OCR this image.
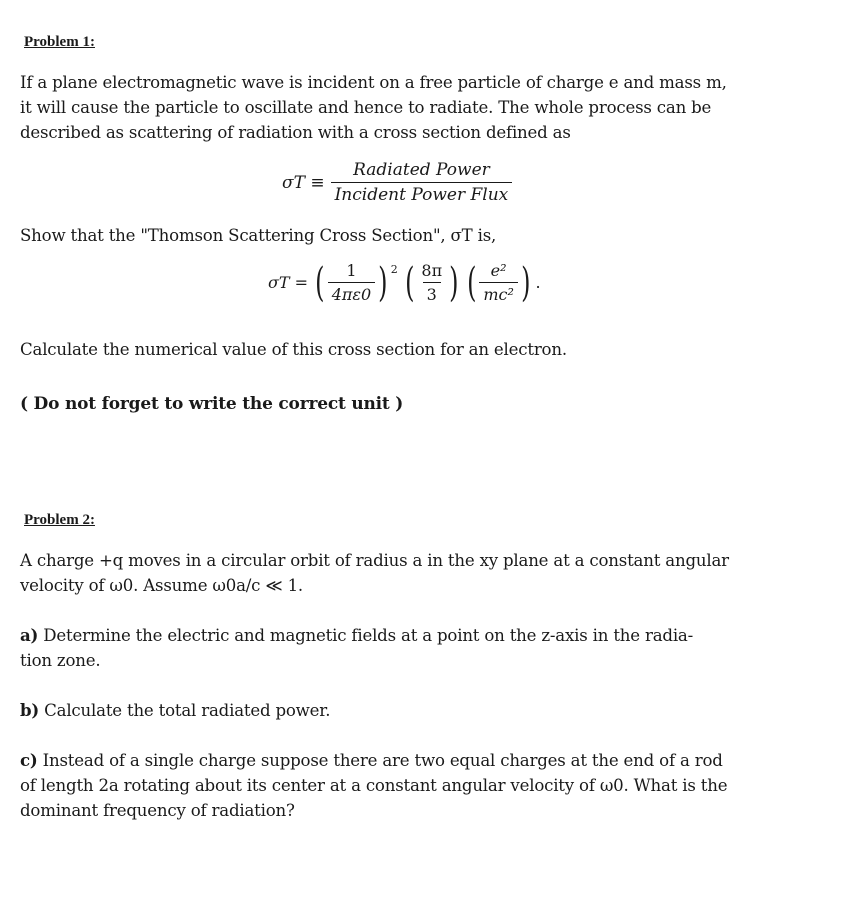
Problem 1:
If a plane electromagnetic wave is incident on a free particle of charge e and mass m,
it will cause the particle to oscillate and hence to radiate. The whole process can be
described as scattering of radiation with a cross section defined as
$\sigma T \equiv \frac{\text{Radiated Power}}{\text{Incident Power Flux}}$
Show that the "Thomson Scattering Cross Section", σT is,
σT = ( $\frac{1}{4\pi\varepsilon 0}$ ) $^2$ ( $\frac{8\pi}{3}$ ) ( $\frac{\text{e²}}{\text{mc²}}$ ) .
Calculate the numerical value of this cross section for an electron.
( Do not forget to write the correct unit )
Problem 2:
A charge +q moves in a circular orbit of radius a in the xy plane at a constant angular
velocity of ω0. Assume ω0a/c ≪ 1.
a) Determine the electric and magnetic fields at a point on the z-axis in the radia-
tion zone.
b) Calculate the total radiated power.
c) Instead of a single charge suppose there are two equal charges at the end of a rod
of length 2a rotating about its center at a constant angular velocity of ω0. What is the
dominant frequency of radiation?
